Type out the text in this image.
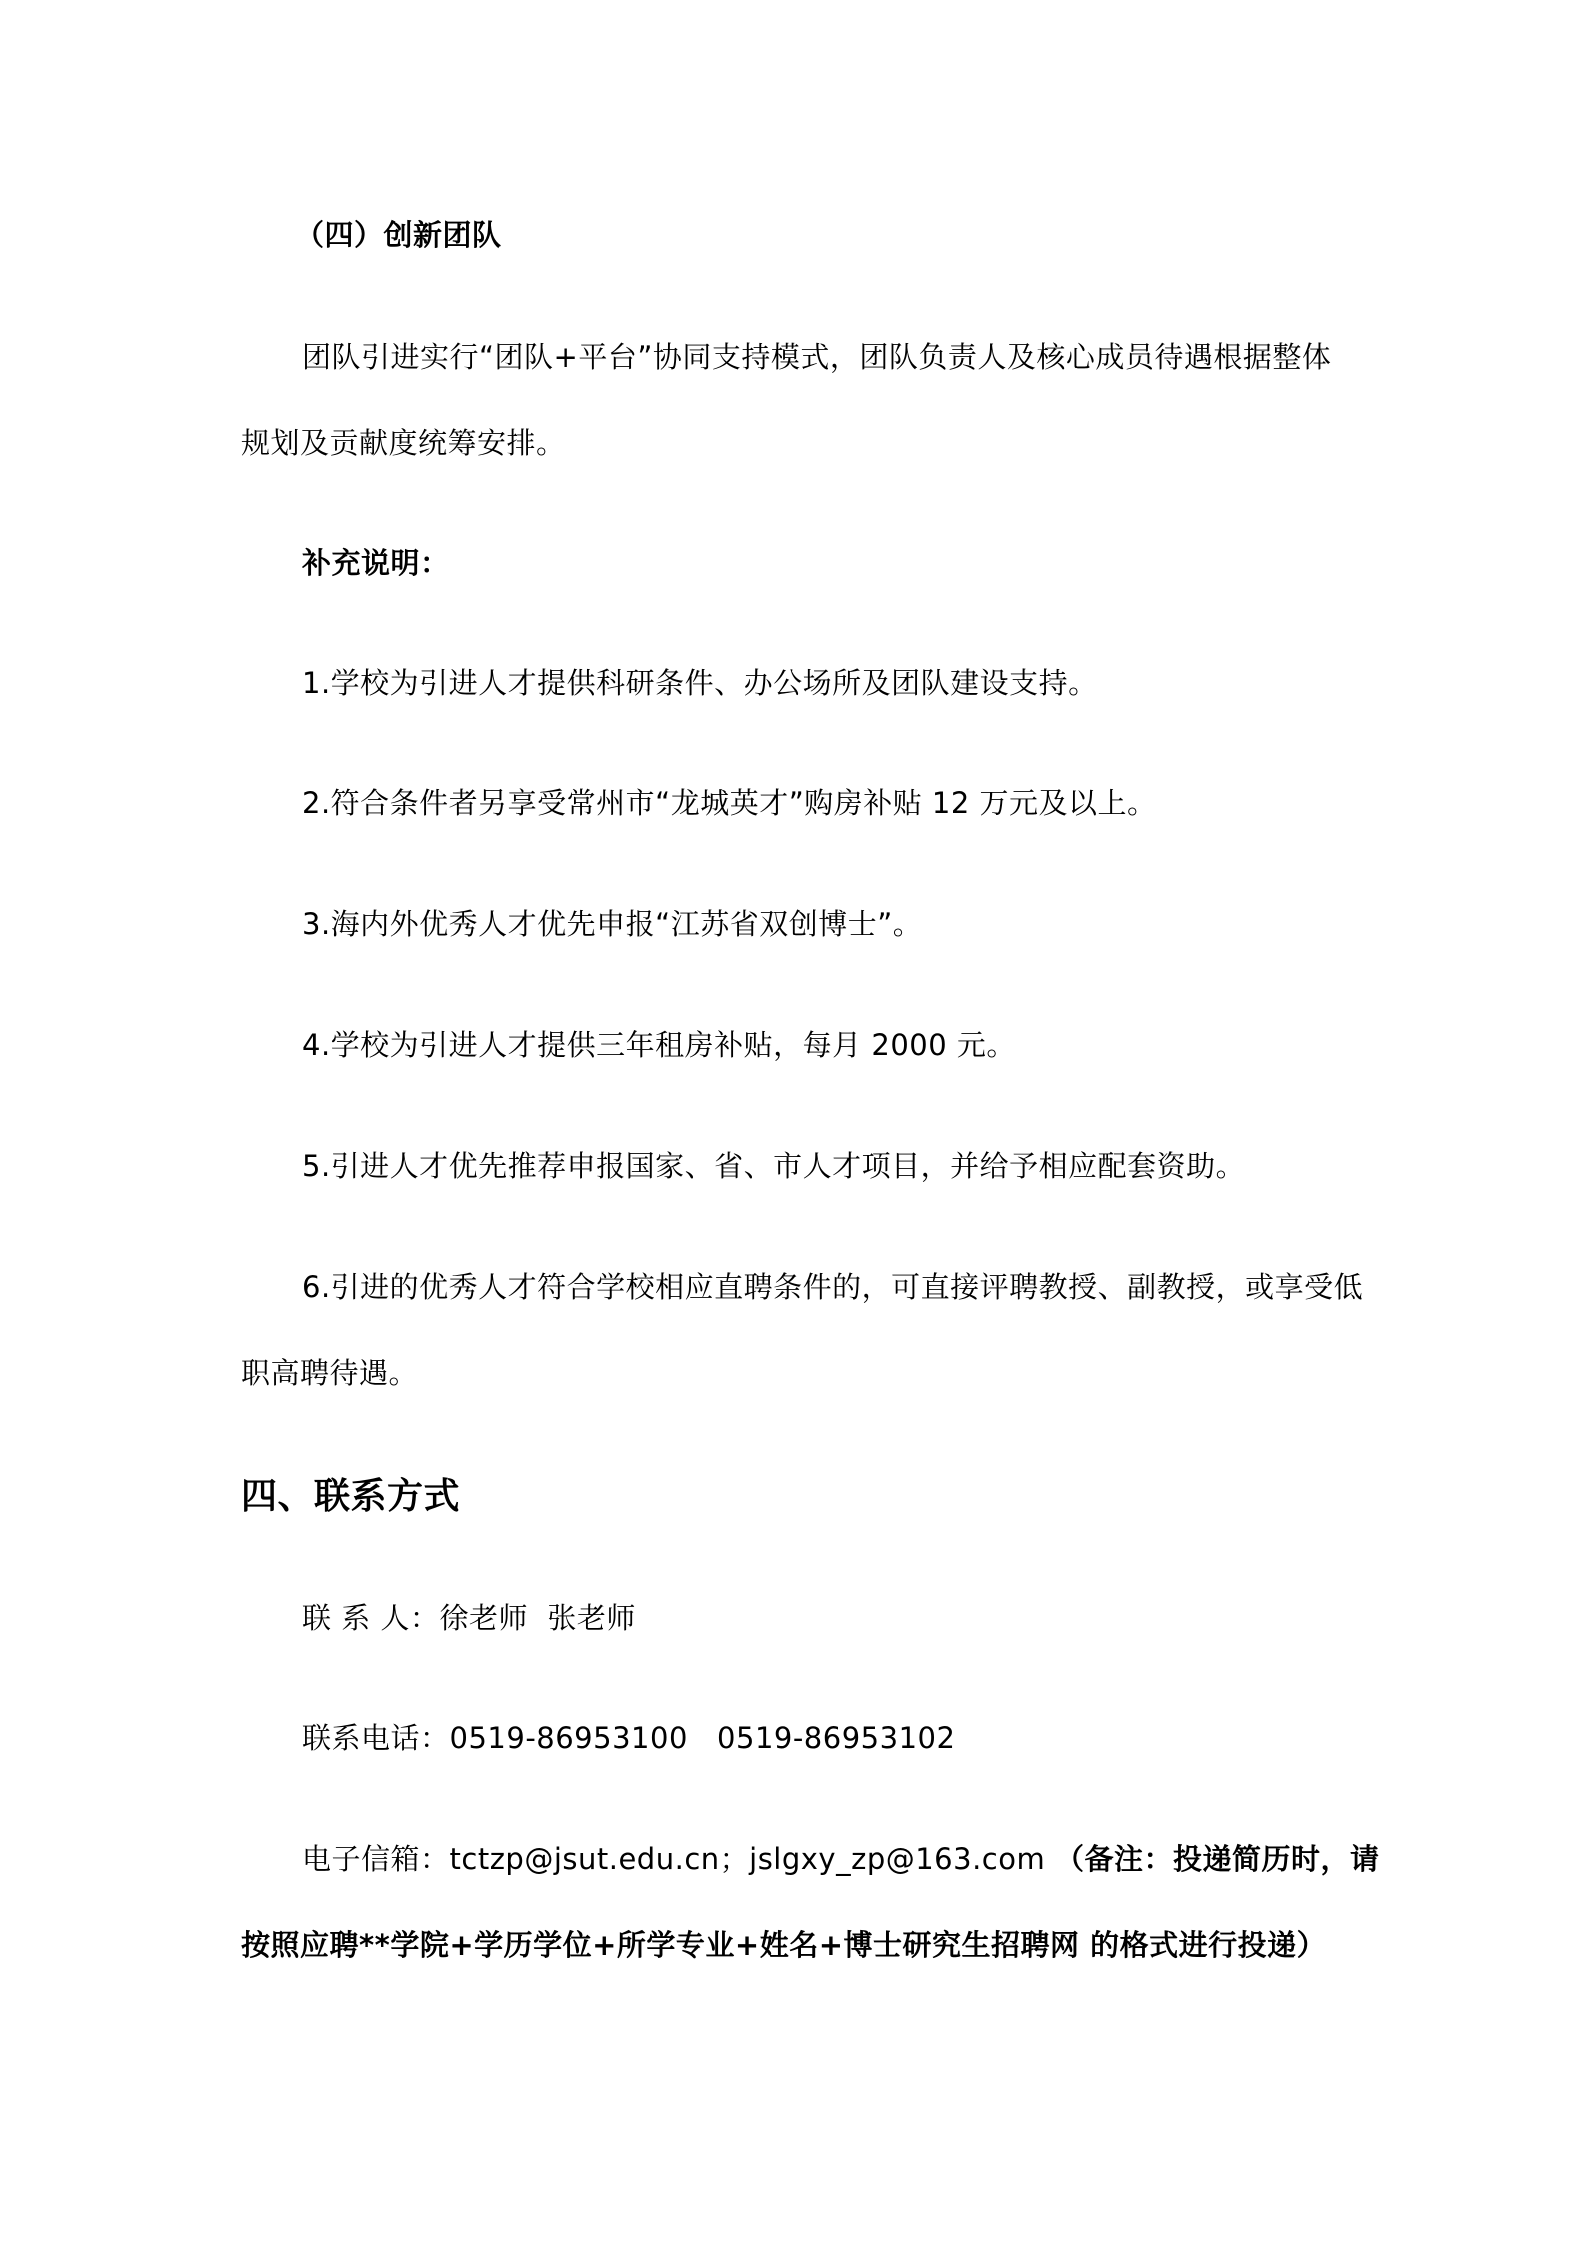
（四）创新团队
团队引进实行“团队+平台”协同支持模式，团队负责人及核心成员待遇根据整体
规划及贡献度统筹安排。
补充说明：
1.学校为引进人才提供科研条件、办公场所及团队建设支持。
2.符合条件者另享受常州市“龙城英才”购房补贴 12 万元及以上。
3.海内外优秀人才优先申报“江苏省双创博士”。
4.学校为引进人才提供三年租房补贴，每月 2000 元。
5.引进人才优先推荐申报国家、省、市人才项目，并给予相应配套资助。
6.引进的优秀人才符合学校相应直聘条件的，可直接评聘教授、副教授，或享受低
职高聘待遇。
四、联系方式
联 系 人：徐老师  张老师
联系电话：0519-86953100   0519-86953102
电子信箱：tctzp@jsut.edu.cn；jslgxy_zp@163.com （备注：投递简历时，请
按照应聘**学院+学历学位+所学专业+姓名+博士研究生招聘网 的格式进行投递）
